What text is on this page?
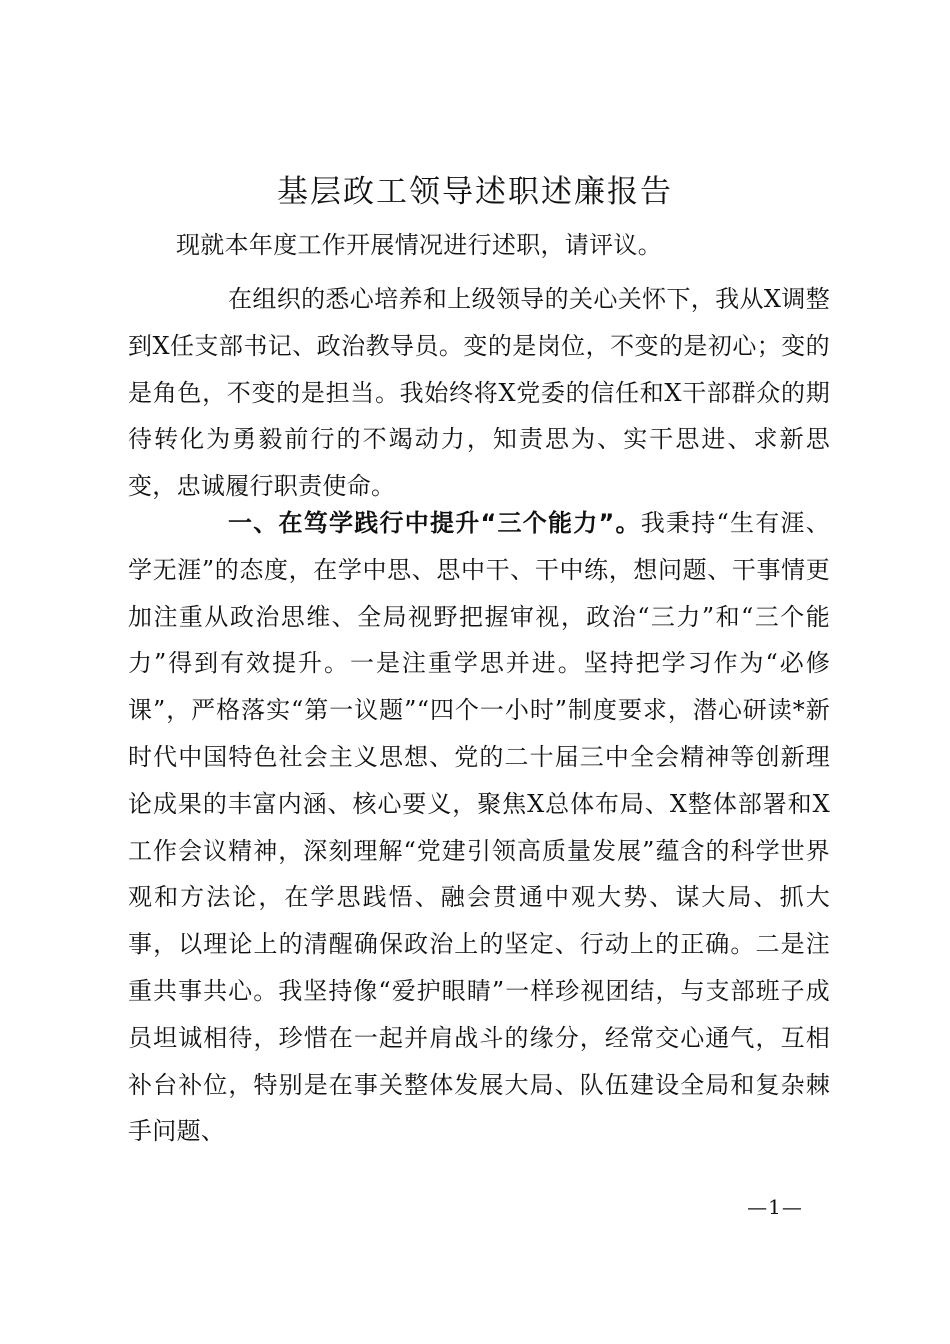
基层政工领导述职述廉报告

现就本年度工作开展情况进行述职，请评议。

在组织的悉心培养和上级领导的关心关怀下，我从X调整到X任支部书记、政治教导员。变的是岗位，不变的是初心；变的是角色，不变的是担当。我始终将X党委的信任和X干部群众的期待转化为勇毅前行的不竭动力，知责思为、实干思进、求新思变，忠诚履行职责使命。

一、在笃学践行中提升“三个能力”。我秉持“生有涯、学无涯”的态度，在学中思、思中干、干中练，想问题、干事情更加注重从政治思维、全局视野把握审视，政治“三力”和“三个能力”得到有效提升。一是注重学思并进。坚持把学习作为“必修课”，严格落实“第一议题”“四个一小时”制度要求，潜心研读*新时代中国特色社会主义思想、党的二十届三中全会精神等创新理论成果的丰富内涵、核心要义，聚焦X总体布局、X整体部署和X工作会议精神，深刻理解“党建引领高质量发展”蕴含的科学世界观和方法论，在学思践悟、融会贯通中观大势、谋大局、抓大事，以理论上的清醒确保政治上的坚定、行动上的正确。二是注重共事共心。我坚持像“爱护眼睛”一样珍视团结，与支部班子成员坦诚相待，珍惜在一起并肩战斗的缘分，经常交心通气，互相补台补位，特别是在事关整体发展大局、队伍建设全局和复杂棘手问题、

—1—
